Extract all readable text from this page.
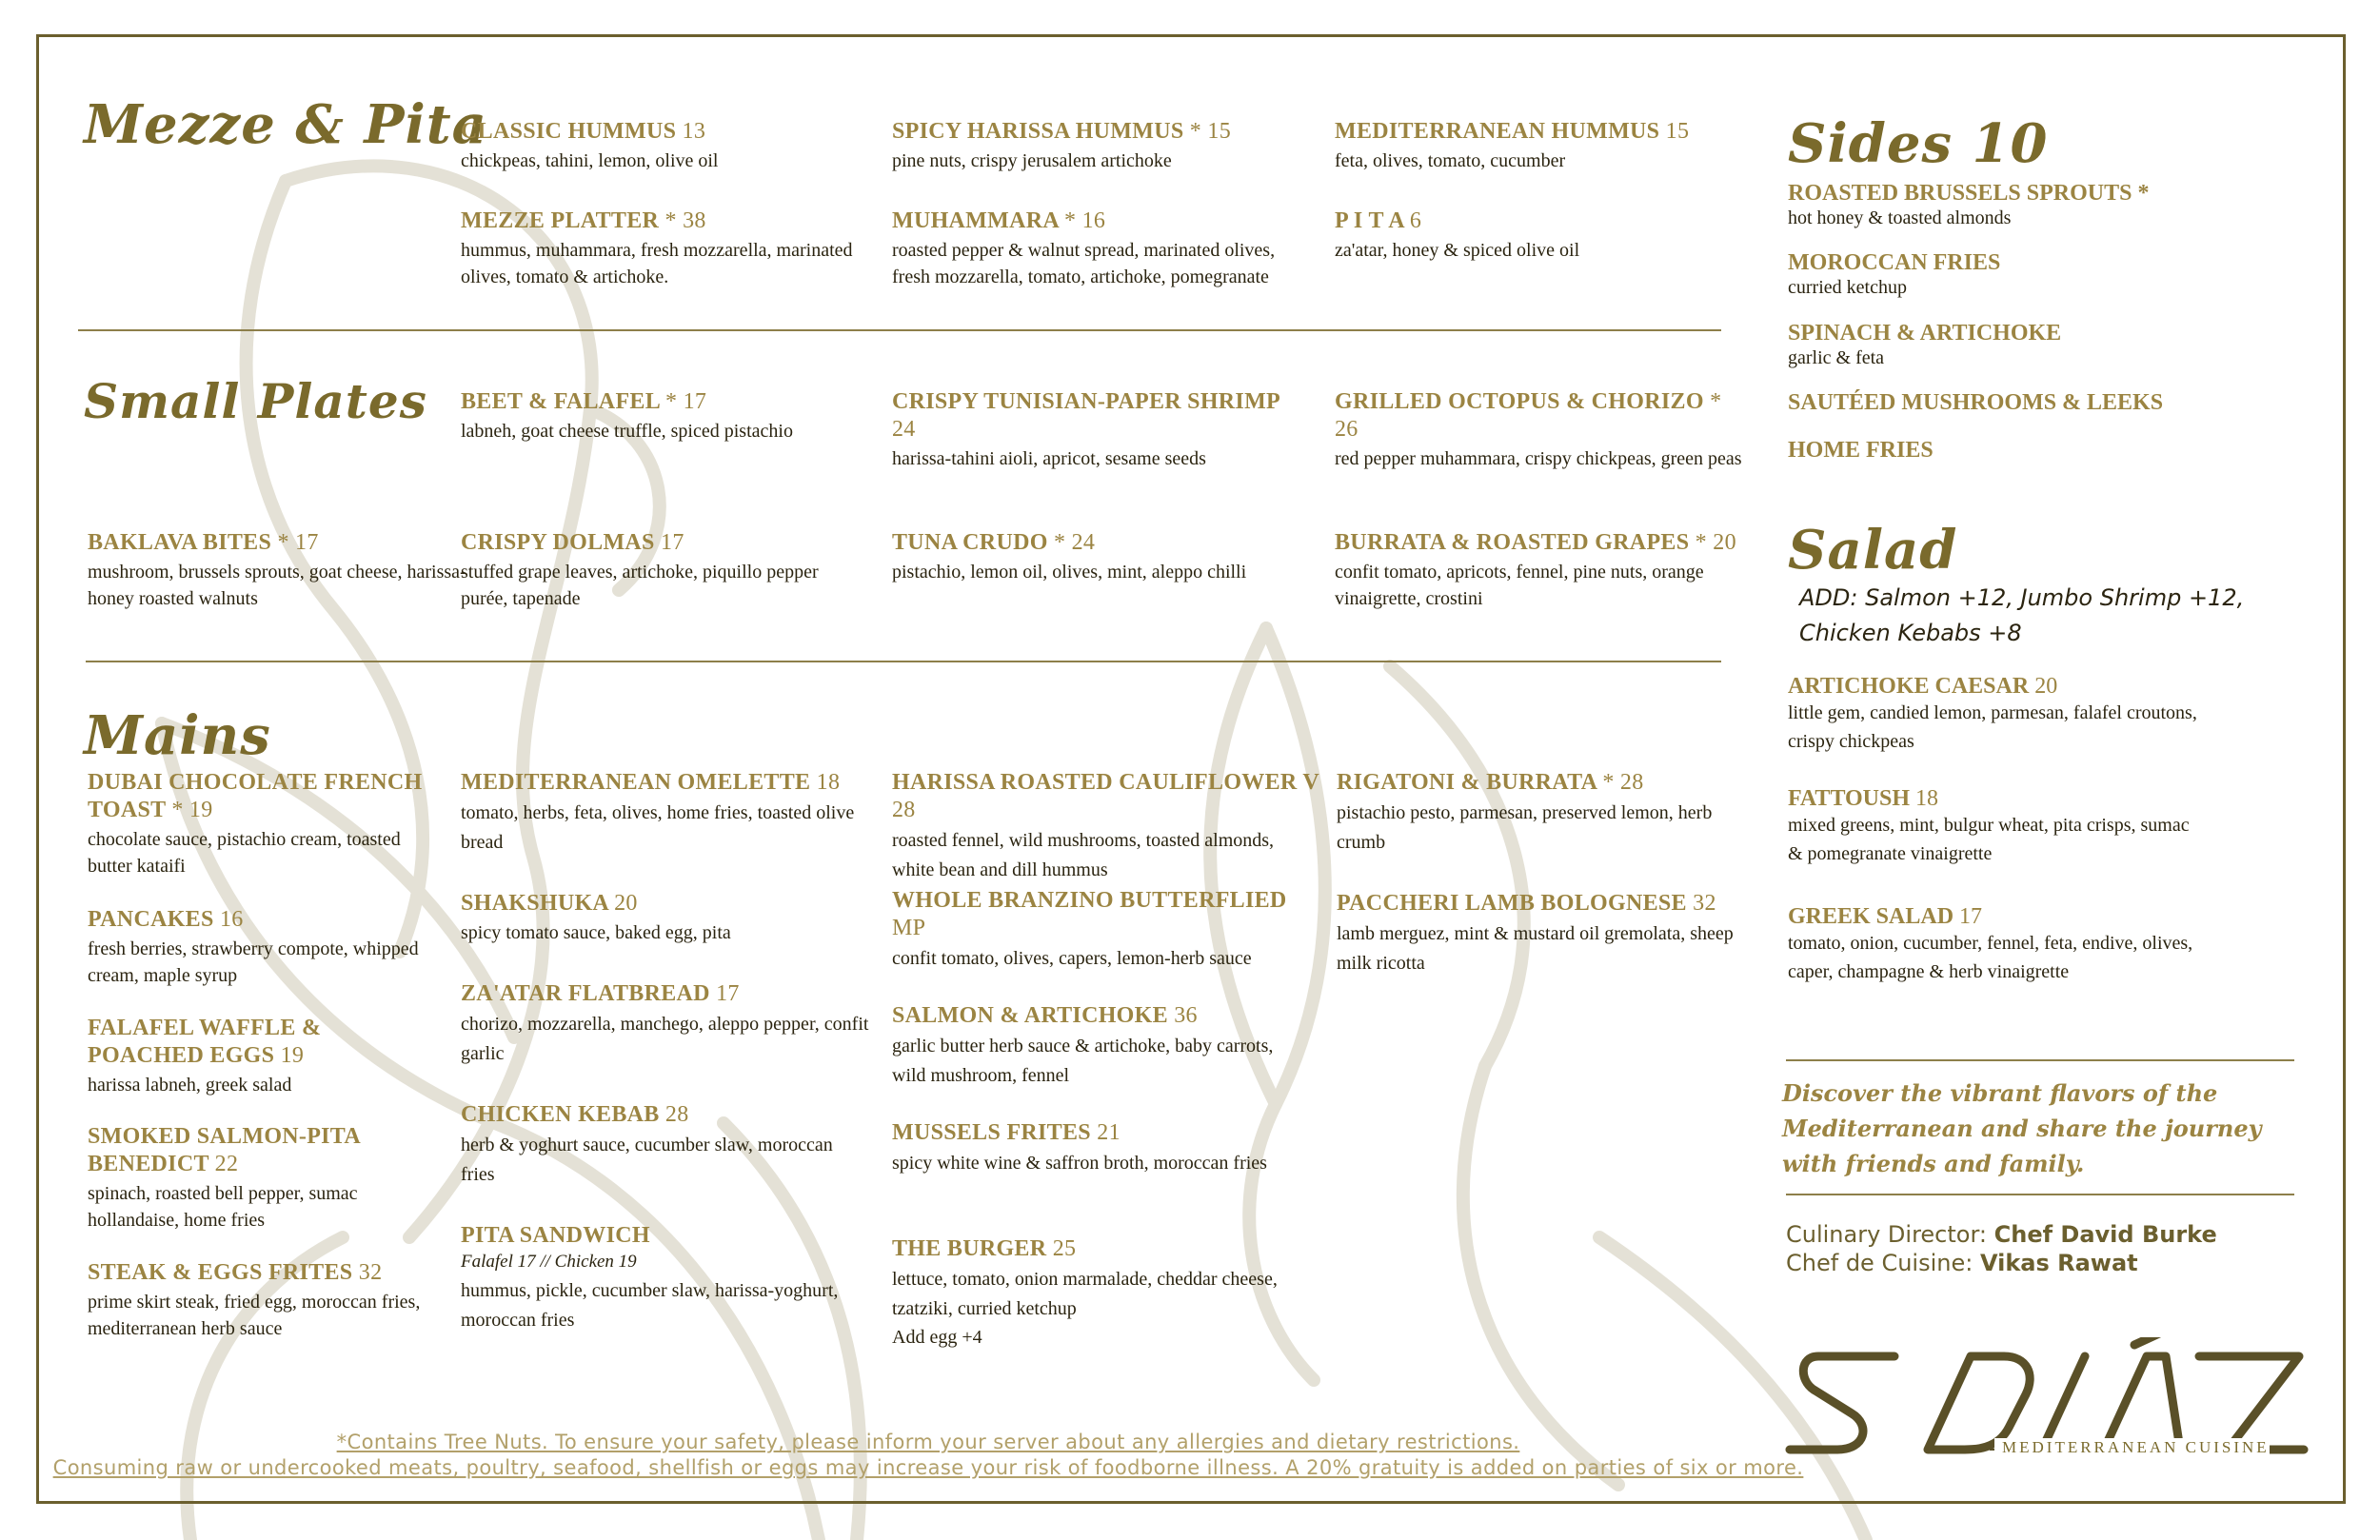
Mezze & Pita
Small Plates
Mains
Sides 10
Salad
CLASSIC HUMMUS 13
chickpeas, tahini, lemon, olive oil
SPICY HARISSA HUMMUS * 15
pine nuts, crispy jerusalem artichoke
MEDITERRANEAN HUMMUS 15
feta, olives, tomato, cucumber
MEZZE PLATTER * 38
hummus, muhammara, fresh mozzarella, marinated olives, tomato & artichoke.
MUHAMMARA * 16
roasted pepper & walnut spread, marinated olives, fresh mozzarella, tomato, artichoke, pomegranate
P I T A 6
za'atar, honey & spiced olive oil
BEET & FALAFEL * 17
labneh, goat cheese truffle, spiced pistachio
CRISPY TUNISIAN-PAPER SHRIMP 24
harissa-tahini aioli, apricot, sesame seeds
GRILLED OCTOPUS & CHORIZO * 26
red pepper muhammara, crispy chickpeas, green peas
BAKLAVA BITES * 17
mushroom, brussels sprouts, goat cheese, harissa-honey roasted walnuts
CRISPY DOLMAS 17
stuffed grape leaves, artichoke, piquillo pepper purée, tapenade
TUNA CRUDO * 24
pistachio, lemon oil, olives, mint, aleppo chilli
BURRATA & ROASTED GRAPES * 20
confit tomato, apricots, fennel, pine nuts, orange vinaigrette, crostini
DUBAI CHOCOLATE FRENCH TOAST * 19
chocolate sauce, pistachio cream, toasted butter kataifi
PANCAKES 16
fresh berries, strawberry compote, whipped cream, maple syrup
FALAFEL WAFFLE & POACHED EGGS 19
harissa labneh, greek salad
SMOKED SALMON-PITA BENEDICT 22
spinach, roasted bell pepper, sumac hollandaise, home fries
STEAK & EGGS FRITES 32
prime skirt steak, fried egg, moroccan fries, mediterranean herb sauce
MEDITERRANEAN OMELETTE 18
tomato, herbs, feta, olives, home fries, toasted olive bread
SHAKSHUKA 20
spicy tomato sauce, baked egg, pita
ZA'ATAR FLATBREAD 17
chorizo, mozzarella, manchego, aleppo pepper, confit garlic
CHICKEN KEBAB 28
herb & yoghurt sauce, cucumber slaw, moroccan fries
PITA SANDWICH
Falafel 17 // Chicken 19
hummus, pickle, cucumber slaw, harissa-yoghurt, moroccan fries
HARISSA ROASTED CAULIFLOWER V 28
roasted fennel, wild mushrooms, toasted almonds, white bean and dill hummus
WHOLE BRANZINO BUTTERFLIED MP
confit tomato, olives, capers, lemon-herb sauce
SALMON & ARTICHOKE 36
garlic butter herb sauce & artichoke, baby carrots, wild mushroom, fennel
MUSSELS FRITES 21
spicy white wine & saffron broth, moroccan fries
THE BURGER 25
lettuce, tomato, onion marmalade, cheddar cheese, tzatziki, curried ketchup
Add egg +4
RIGATONI & BURRATA * 28
pistachio pesto, parmesan, preserved lemon, herb crumb
PACCHERI LAMB BOLOGNESE 32
lamb merguez, mint & mustard oil gremolata, sheep milk ricotta
ROASTED BRUSSELS SPROUTS *
hot honey & toasted almonds
MOROCCAN FRIES
curried ketchup
SPINACH & ARTICHOKE
garlic & feta
SAUTÉED MUSHROOMS & LEEKS
HOME FRIES
ADD: Salmon +12, Jumbo Shrimp +12, Chicken Kebabs +8
ARTICHOKE CAESAR 20
little gem, candied lemon, parmesan, falafel croutons, crispy chickpeas
FATTOUSH 18
mixed greens, mint, bulgur wheat, pita crisps, sumac & pomegranate vinaigrette
GREEK SALAD 17
tomato, onion, cucumber, fennel, feta, endive, olives, caper, champagne & herb vinaigrette
Discover the vibrant flavors of the Mediterranean and share the journey with friends and family.
Culinary Director: Chef David Burke
Chef de Cuisine: Vikas Rawat
MEDITERRANEAN CUISINE
*Contains Tree Nuts. To ensure your safety, please inform your server about any allergies and dietary restrictions.
Consuming raw or undercooked meats, poultry, seafood, shellfish or eggs may increase your risk of foodborne illness. A 20% gratuity is added on parties of six or more.
